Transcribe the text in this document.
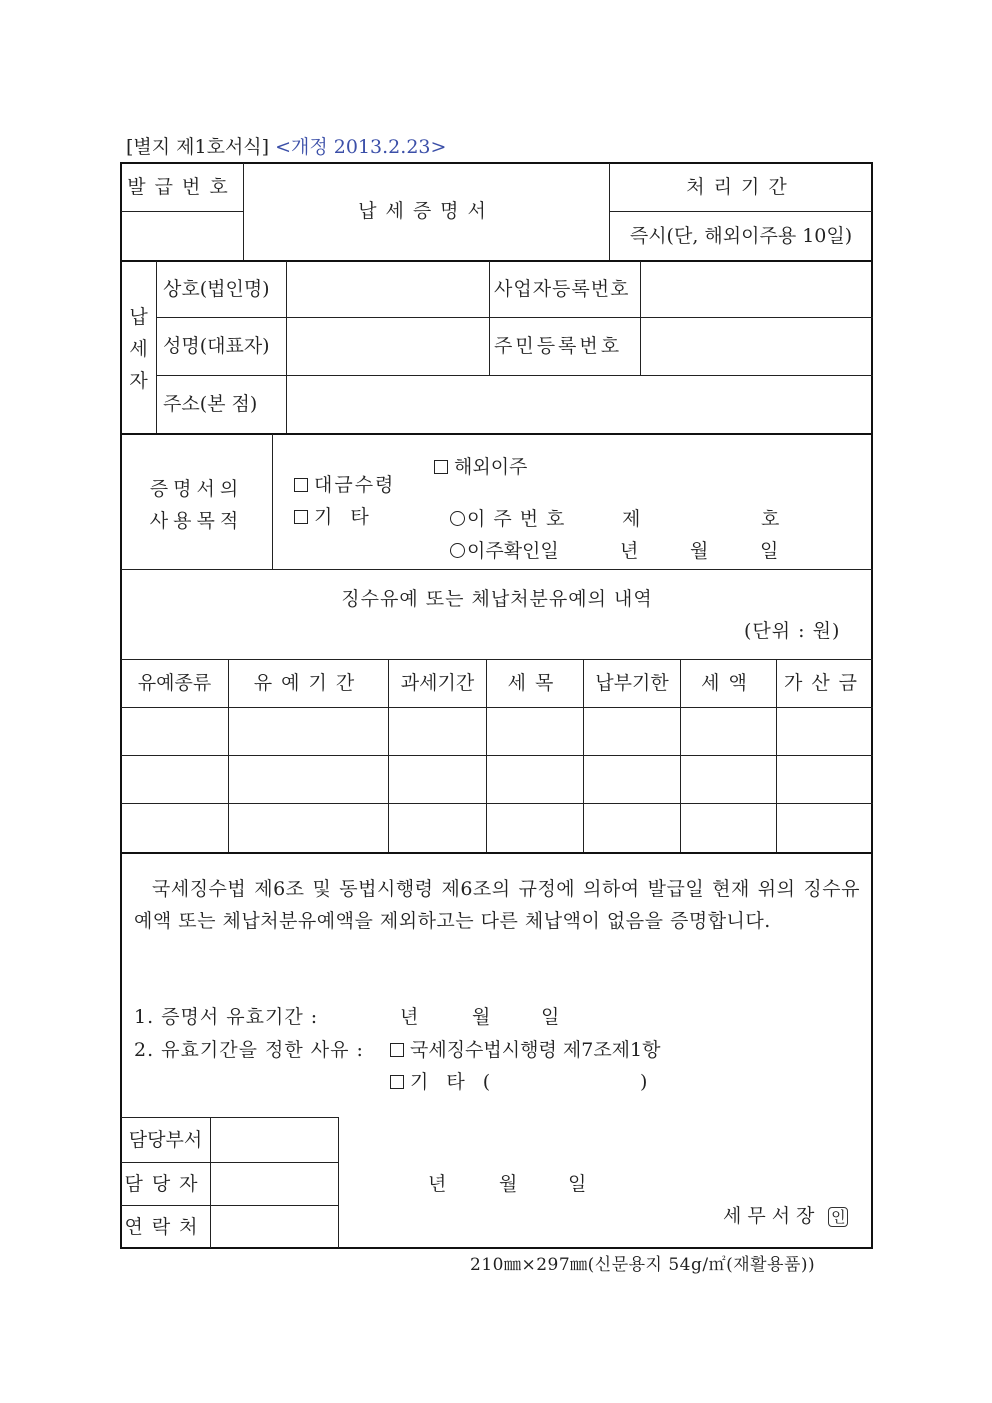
[별지 제1호서식] <개정 2013.2.23>
발급번호
납세증명서
처리기간
즉시(단, 해외이주용 10일)
납
세
자
상호(법인명)	사업자등록번호
성명(대표자)	주민등록번호
주소(본 점)
증명서의
사용목적
대금수령
기 타
해외이주
이주번호	제	호
이주확인일	년	월	일
징수유예 또는 체납처분유예의 내역
(단위 : 원)
유예종류	유예기간	과세기간	세목	납부기한	세액	가산금
국세징수법 제6조 및 동법시행령 제6조의 규정에 의하여 발급일 현재 위의 징수유예액 또는 체납처분유예액을 제외하고는 다른 체납액이 없음을 증명합니다.
1. 증명서 유효기간 :	년	월	일
2. 유효기간을 정한 사유 :	국세징수법시행령 제7조제1항
기 타 (	)
담당부서
담당자
연락처
년	월	일
세무서장 인
210㎜×297㎜(신문용지 54g/㎡(재활용품))
